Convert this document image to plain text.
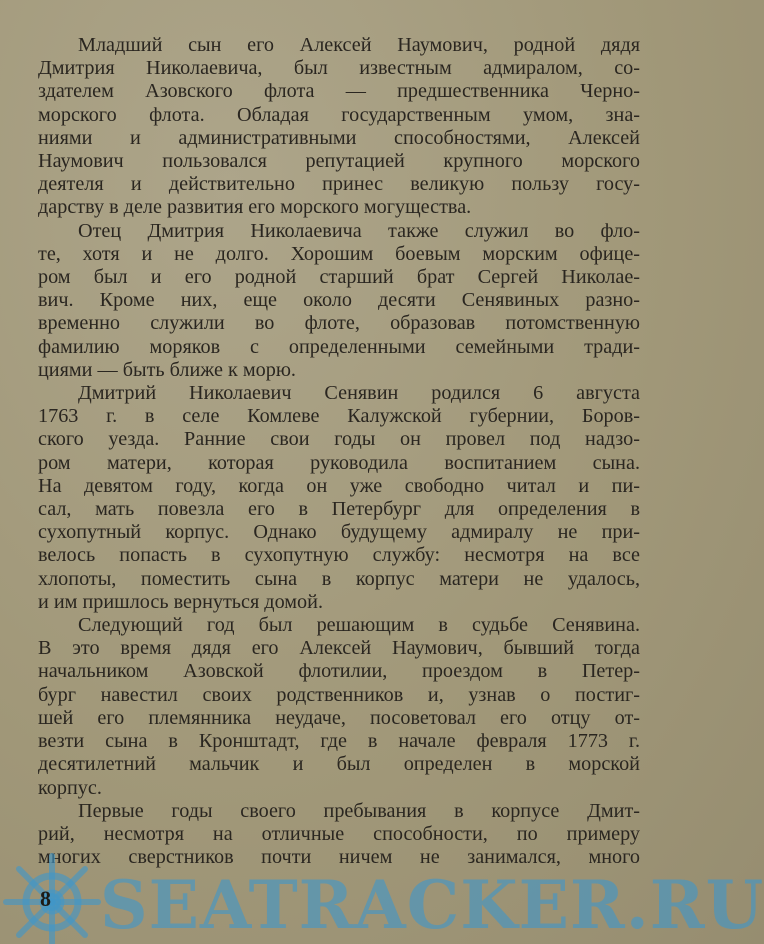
Младший сын его Алексей Наумович, родной дядя
Дмитрия Николаевича, был известным адмиралом, со-
здателем Азовского флота — предшественника Черно-
морского флота. Обладая государственным умом, зна-
ниями и административными способностями, Алексей
Наумович пользовался репутацией крупного морского
деятеля и действительно принес великую пользу госу-
дарству в деле развития его морского могущества.
Отец Дмитрия Николаевича также служил во фло-
те, хотя и не долго. Хорошим боевым морским офице-
ром был и его родной старший брат Сергей Николае-
вич. Кроме них, еще около десяти Сенявиных разно-
временно служили во флоте, образовав потомственную
фамилию моряков с определенными семейными тради-
циями — быть ближе к морю.
Дмитрий Николаевич Сенявин родился 6 августа
1763 г. в селе Комлеве Калужской губернии, Боров-
ского уезда. Ранние свои годы он провел под надзо-
ром матери, которая руководила воспитанием сына.
На девятом году, когда он уже свободно читал и пи-
сал, мать повезла его в Петербург для определения в
сухопутный корпус. Однако будущему адмиралу не при-
велось попасть в сухопутную службу: несмотря на все
хлопоты, поместить сына в корпус матери не удалось,
и им пришлось вернуться домой.
Следующий год был решающим в судьбе Сенявина.
В это время дядя его Алексей Наумович, бывший тогда
начальником Азовской флотилии, проездом в Петер-
бург навестил своих родственников и, узнав о постиг-
шей его племянника неудаче, посоветовал его отцу от-
везти сына в Кронштадт, где в начале февраля 1773 г.
десятилетний мальчик и был определен в морской
корпус.
Первые годы своего пребывания в корпусе Дмит-
рий, несмотря на отличные способности, по примеру
многих сверстников почти ничем не занимался, много
SEATRACKER.RU
8
